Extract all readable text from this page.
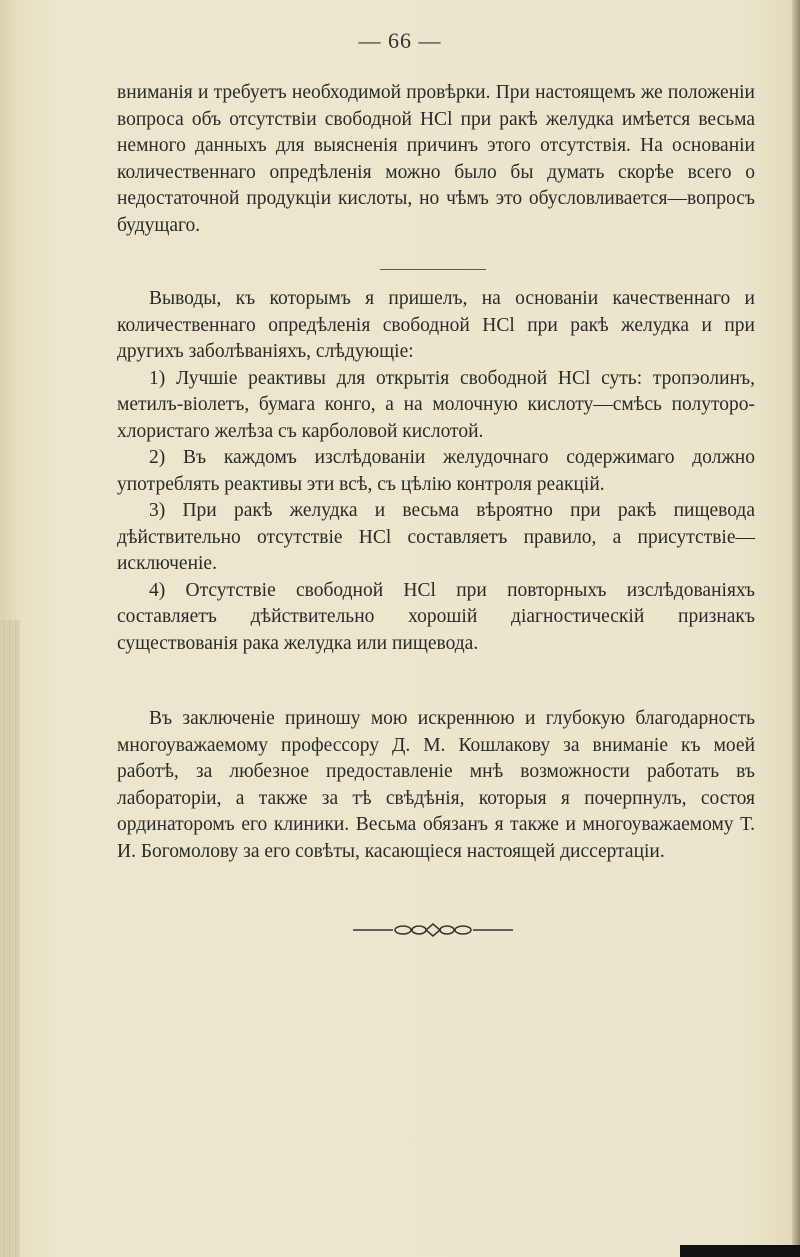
— 66 —

вниманія и требуетъ необходимой провѣрки. При настоящемъ же положеніи вопроса объ отсутствіи свободной HCl при ракѣ желудка имѣется весьма немного данныхъ для выясненія причинъ этого отсутствія. На основаніи количественнаго опредѣленія можно было бы думать скорѣе всего о недостаточной продукціи кислоты, но чѣмъ это обусловливается—вопросъ будущаго.

Выводы, къ которымъ я пришелъ, на основаніи качественнаго и количественнаго опредѣленія свободной HCl при ракѣ желудка и при другихъ заболѣваніяхъ, слѣдующіе:

1) Лучшіе реактивы для открытія свободной HCl суть: тропэолинъ, метилъ-віолетъ, бумага конго, а на молочную кислоту—смѣсь полуторо-хлористаго желѣза съ карболовой кислотой.

2) Въ каждомъ изслѣдованіи желудочнаго содержимаго должно употреблять реактивы эти всѣ, съ цѣлію контроля реакцій.

3) При ракѣ желудка и весьма вѣроятно при ракѣ пищевода дѣйствительно отсутствіе HCl составляетъ правило, а присутствіе—исключеніе.

4) Отсутствіе свободной HCl при повторныхъ изслѣдованіяхъ составляетъ дѣйствительно хорошій діагностическій признакъ существованія рака желудка или пищевода.

Въ заключеніе приношу мою искреннюю и глубокую благодарность многоуважаемому профессору Д. М. Кошлакову за вниманіе къ моей работѣ, за любезное предоставленіе мнѣ возможности работать въ лабораторіи, а также за тѣ свѣдѣнія, которыя я почерпнулъ, состоя ординаторомъ его клиники. Весьма обязанъ я также и многоуважаемому Т. И. Богомолову за его совѣты, касающіеся настоящей диссертаціи.
